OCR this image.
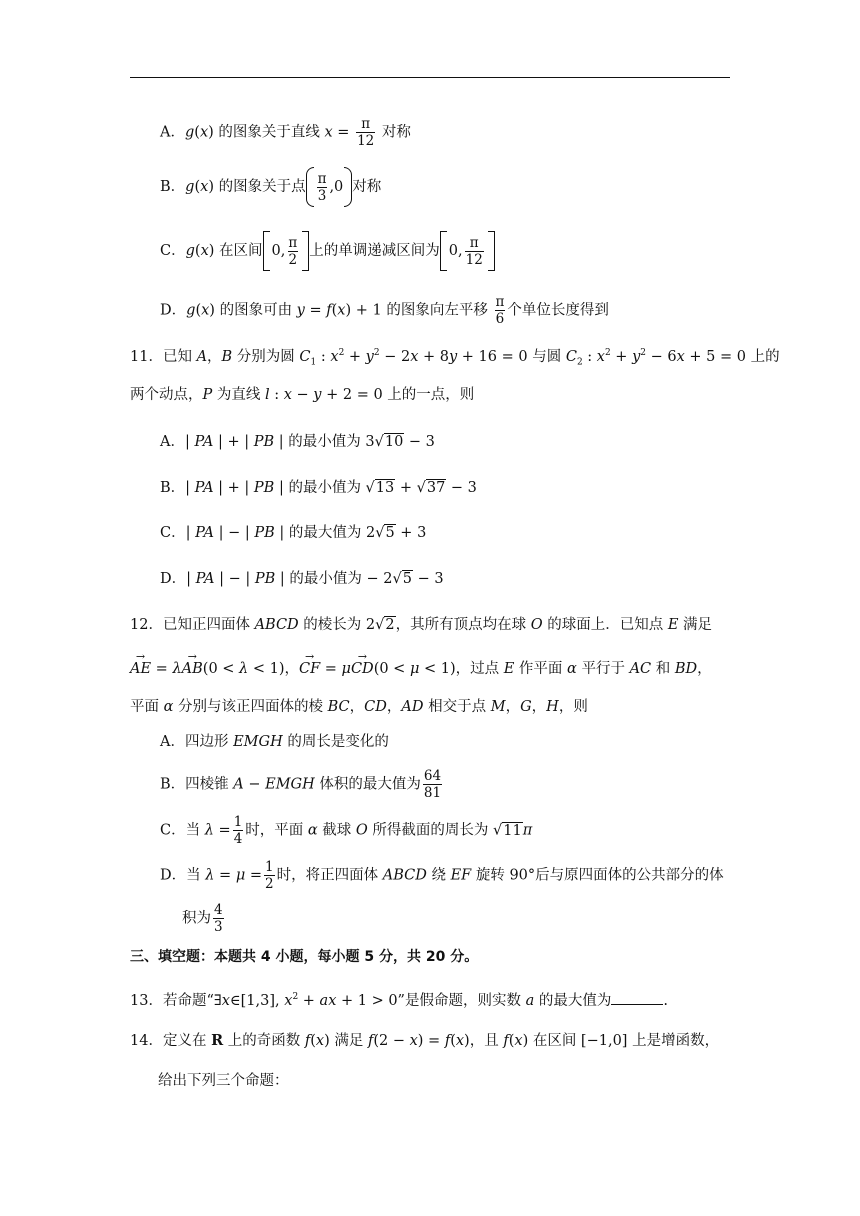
A．g(x) 的图象关于直线 $x = \frac{\pi}{12}$ 对称
B．g(x) 的图象关于点 $\frac{\pi}{3} ,0$ 对称
C．g(x) 在区间 0, $\frac{\pi}{2}$ 上的单调递减区间为 0, $\frac{\pi}{12}$
D．g(x) 的图象可由 y = f(x) + 1 的图象向左平移 $\frac{\pi}{6}$ 个单位长度得到
11．已知 A，B 分别为圆 $C_1$ : $x^2 + y^2 - 2x + 8y + 16 = 0$ 与圆 $C_2$ : $x^2 + y^2 - 6x + 5 = 0$ 上的
两个动点，P 为直线 l : x − y + 2 = 0 上的一点，则
A．| PA | + | PB | 的最小值为 3√10 − 3
B．| PA | + | PB | 的最小值为 √13 + √37 − 3
C．| PA | − | PB | 的最大值为 2√5 + 3
D．| PA | − | PB | 的最小值为 − 2√5 − 3
12．已知正四面体 ABCD 的棱长为 2√2，其所有顶点均在球 O 的球面上．已知点 E 满足
AE → = λAB →(0 < λ < 1)，CF → = μCD →(0 < μ < 1)，过点 E 作平面 α 平行于 AC 和 BD，
平面 α 分别与该正四面体的棱 BC，CD，AD 相交于点 M，G，H，则
A．四边形 EMGH 的周长是变化的
B．四棱锥 A − EMGH 体积的最大值为 $\frac{64}{81}$
C．当 $\lambda = \frac{1}{4}$ 时，平面 α 截球 O 所得截面的周长为 √11π
D．当 $\lambda = \mu = \frac{1}{2}$ 时，将正四面体 ABCD 绕 EF 旋转 90°后与原四面体的公共部分的体
积为 $\frac{4}{3}$
三、填空题：本题共 4 小题，每小题 5 分，共 20 分。
13．若命题“∃x∈[1,3], $x^2$ + ax + 1 > 0”是假命题，则实数 a 的最大值为	.
14．定义在 R 上的奇函数 f(x) 满足 f(2 − x) = f(x)，且 f(x) 在区间 [−1,0] 上是增函数，
给出下列三个命题：
